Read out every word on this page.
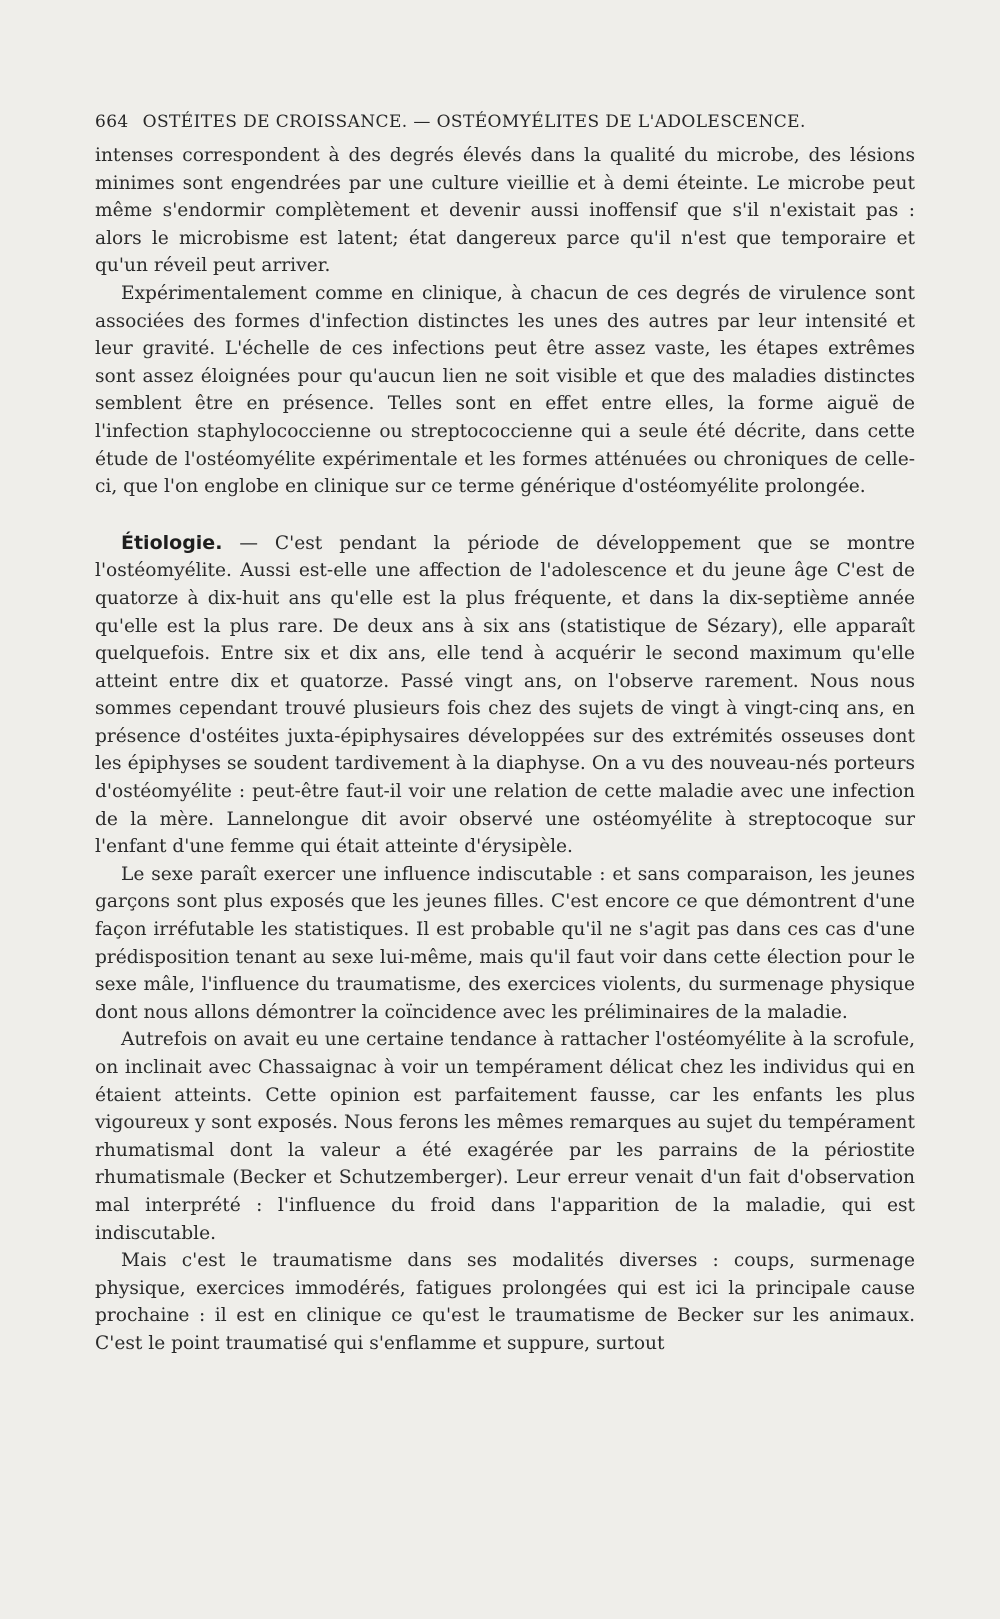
664 OSTÉITES DE CROISSANCE. — OSTÉOMYÉLITES DE L'ADOLESCENCE.

intenses correspondent à des degrés élevés dans la qualité du microbe, des lésions minimes sont engendrées par une culture vieillie et à demi éteinte. Le microbe peut même s'endormir complètement et devenir aussi inoffensif que s'il n'existait pas : alors le microbisme est latent; état dangereux parce qu'il n'est que temporaire et qu'un réveil peut arriver.

Expérimentalement comme en clinique, à chacun de ces degrés de virulence sont associées des formes d'infection distinctes les unes des autres par leur intensité et leur gravité. L'échelle de ces infections peut être assez vaste, les étapes extrêmes sont assez éloignées pour qu'aucun lien ne soit visible et que des maladies distinctes semblent être en présence. Telles sont en effet entre elles, la forme aiguë de l'infection staphylococcienne ou streptococcienne qui a seule été décrite, dans cette étude de l'ostéomyélite expérimentale et les formes atténuées ou chroniques de celle-ci, que l'on englobe en clinique sur ce terme générique d'ostéomyélite prolongée.

Étiologie. — C'est pendant la période de développement que se montre l'ostéomyélite. Aussi est-elle une affection de l'adolescence et du jeune âge C'est de quatorze à dix-huit ans qu'elle est la plus fréquente, et dans la dix-septième année qu'elle est la plus rare. De deux ans à six ans (statistique de Sézary), elle apparaît quelquefois. Entre six et dix ans, elle tend à acquérir le second maximum qu'elle atteint entre dix et quatorze. Passé vingt ans, on l'observe rarement. Nous nous sommes cependant trouvé plusieurs fois chez des sujets de vingt à vingt-cinq ans, en présence d'ostéites juxta-épiphysaires développées sur des extrémités osseuses dont les épiphyses se soudent tardivement à la diaphyse. On a vu des nouveau-nés porteurs d'ostéomyélite : peut-être faut-il voir une relation de cette maladie avec une infection de la mère. Lannelongue dit avoir observé une ostéomyélite à streptocoque sur l'enfant d'une femme qui était atteinte d'érysipèle.

Le sexe paraît exercer une influence indiscutable : et sans comparaison, les jeunes garçons sont plus exposés que les jeunes filles. C'est encore ce que démontrent d'une façon irréfutable les statistiques. Il est probable qu'il ne s'agit pas dans ces cas d'une prédisposition tenant au sexe lui-même, mais qu'il faut voir dans cette élection pour le sexe mâle, l'influence du traumatisme, des exercices violents, du surmenage physique dont nous allons démontrer la coïncidence avec les préliminaires de la maladie.

Autrefois on avait eu une certaine tendance à rattacher l'ostéomyélite à la scrofule, on inclinait avec Chassaignac à voir un tempérament délicat chez les individus qui en étaient atteints. Cette opinion est parfaitement fausse, car les enfants les plus vigoureux y sont exposés. Nous ferons les mêmes remarques au sujet du tempérament rhumatismal dont la valeur a été exagérée par les parrains de la périostite rhumatismale (Becker et Schutzemberger). Leur erreur venait d'un fait d'observation mal interprété : l'influence du froid dans l'apparition de la maladie, qui est indiscutable.

Mais c'est le traumatisme dans ses modalités diverses : coups, surmenage physique, exercices immodérés, fatigues prolongées qui est ici la principale cause prochaine : il est en clinique ce qu'est le traumatisme de Becker sur les animaux. C'est le point traumatisé qui s'enflamme et suppure, surtout
